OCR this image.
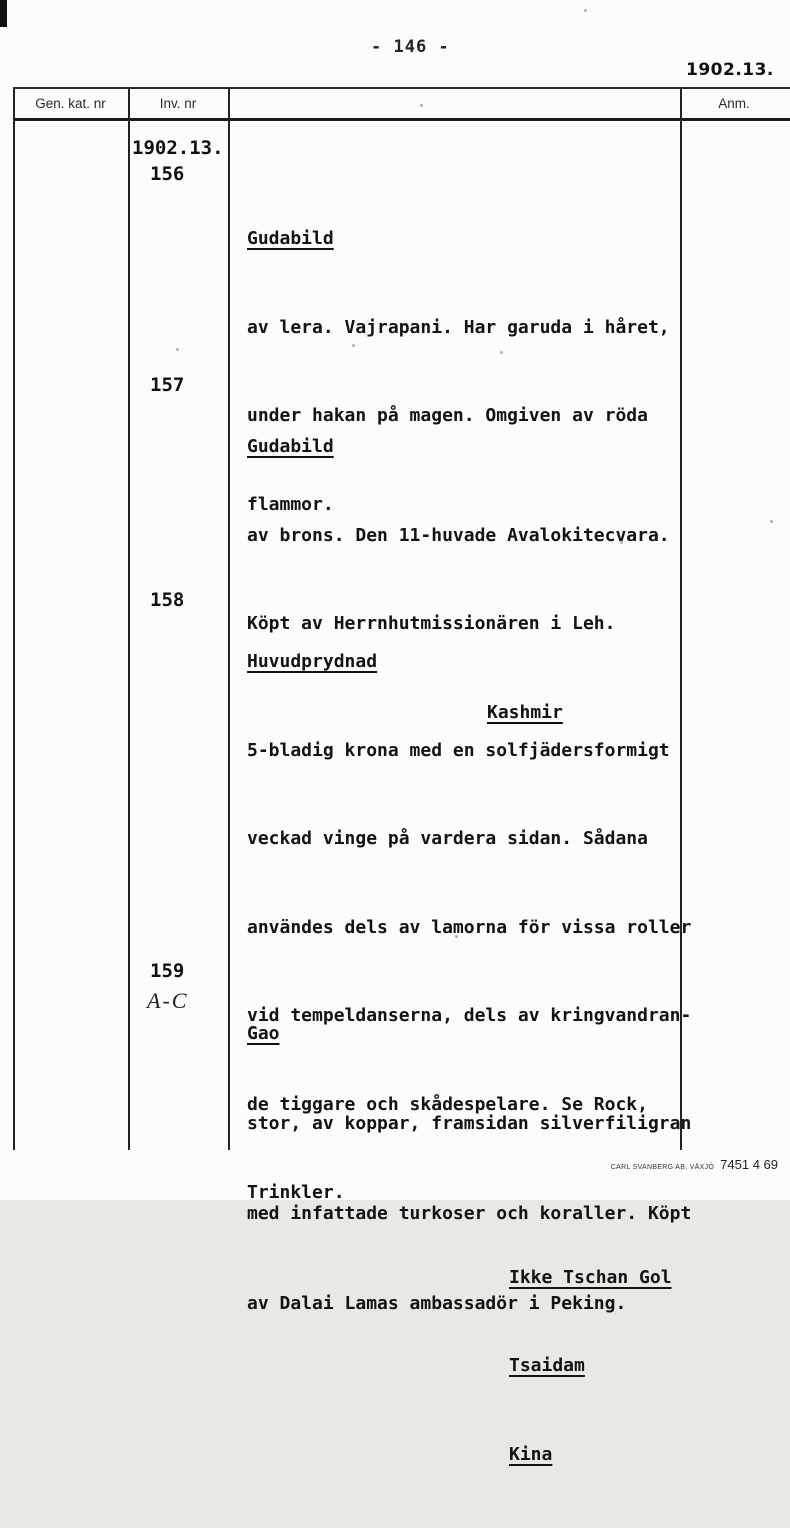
- 146 -
1902.13.
Gen. kat. nr	Inv. nr	Anm.
1902.13.
156
157
158
159
A-C

Gudabild

av lera. Vajrapani. Har garuda i håret,

under hakan på magen. Omgiven av röda

flammor.

Gudabild

av brons. Den 11-huvade Avalokitecvara.

Köpt av Herrnhutmissionären i Leh.

Kashmir

Huvudprydnad

5-bladig krona med en solfjädersformigt

veckad vinge på vardera sidan. Sådana

användes dels av lamorna för vissa roller

vid tempeldanserna, dels av kringvandran-

de tiggare och skådespelare. Se Rock,

Trinkler.

Ikke Tschan Gol

Tsaidam

Kina

Gao

stor, av koppar, framsidan silverfiligran

med infattade turkoser och koraller. Köpt

av Dalai Lamas ambassadör i Peking.

CARL SVANBERG AB, VÄXJÖ 7451 4 69
